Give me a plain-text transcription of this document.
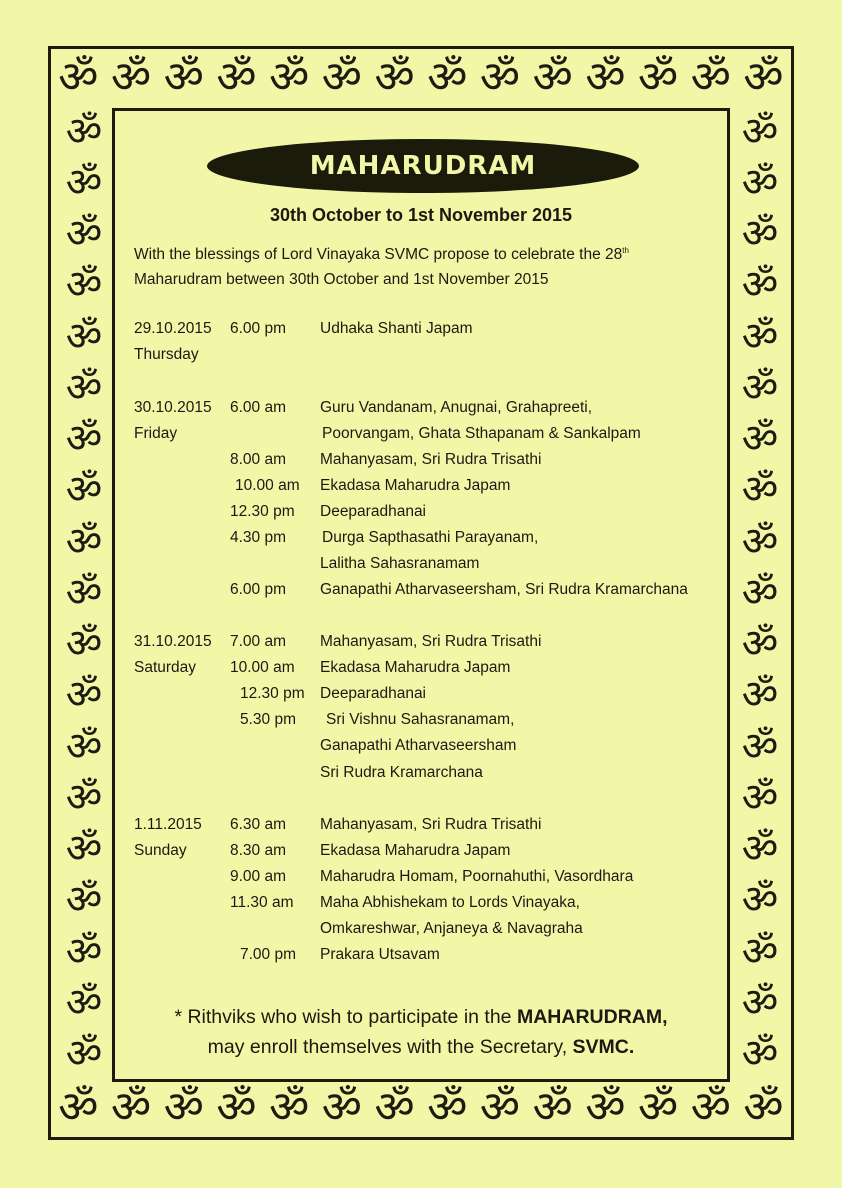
ॐ ॐ ॐ ॐ ॐ ॐ ॐ ॐ ॐ ॐ ॐ ॐ ॐ ॐ
ॐ ॐ ॐ ॐ ॐ ॐ ॐ ॐ ॐ ॐ ॐ ॐ ॐ ॐ
ॐ
ॐ
ॐ
ॐ
ॐ
ॐ
ॐ
ॐ
ॐ
ॐ
ॐ
ॐ
ॐ
ॐ
ॐ
ॐ
ॐ
ॐ
ॐ
ॐ
ॐ
ॐ
ॐ
ॐ
ॐ
ॐ
ॐ
ॐ
ॐ
ॐ
ॐ
ॐ
ॐ
ॐ
ॐ
ॐ
ॐ
ॐ
MAHARUDRAM
30th October to 1st November 2015
With the blessings of Lord Vinayaka SVMC propose to celebrate the 28th
Maharudram between 30th October and 1st November 2015
29.10.2015
Thursday
6.00 pm Udhaka Shanti Japam
30.10.2015
Friday
6.00 am Guru Vandanam, Anugnai, Grahapreeti,
Poorvangam, Ghata Sthapanam & Sankalpam
8.00 am Mahanyasam, Sri Rudra Trisathi
10.00 am Ekadasa Maharudra Japam
12.30 pm Deeparadhanai
4.30 pm Durga Sapthasathi Parayanam,
Lalitha Sahasranamam
6.00 pm Ganapathi Atharvaseersham, Sri Rudra Kramarchana
31.10.2015
Saturday
7.00 am Mahanyasam, Sri Rudra Trisathi
10.00 am Ekadasa Maharudra Japam
12.30 pm Deeparadhanai
5.30 pm Sri Vishnu Sahasranamam,
Ganapathi Atharvaseersham
Sri Rudra Kramarchana
1.11.2015
Sunday
6.30 am Mahanyasam, Sri Rudra Trisathi
8.30 am Ekadasa Maharudra Japam
9.00 am Maharudra Homam, Poornahuthi, Vasordhara
11.30 am Maha Abhishekam to Lords Vinayaka,
Omkareshwar, Anjaneya & Navagraha
7.00 pm Prakara Utsavam
* Rithviks who wish to participate in the MAHARUDRAM,
may enroll themselves with the Secretary, SVMC.
